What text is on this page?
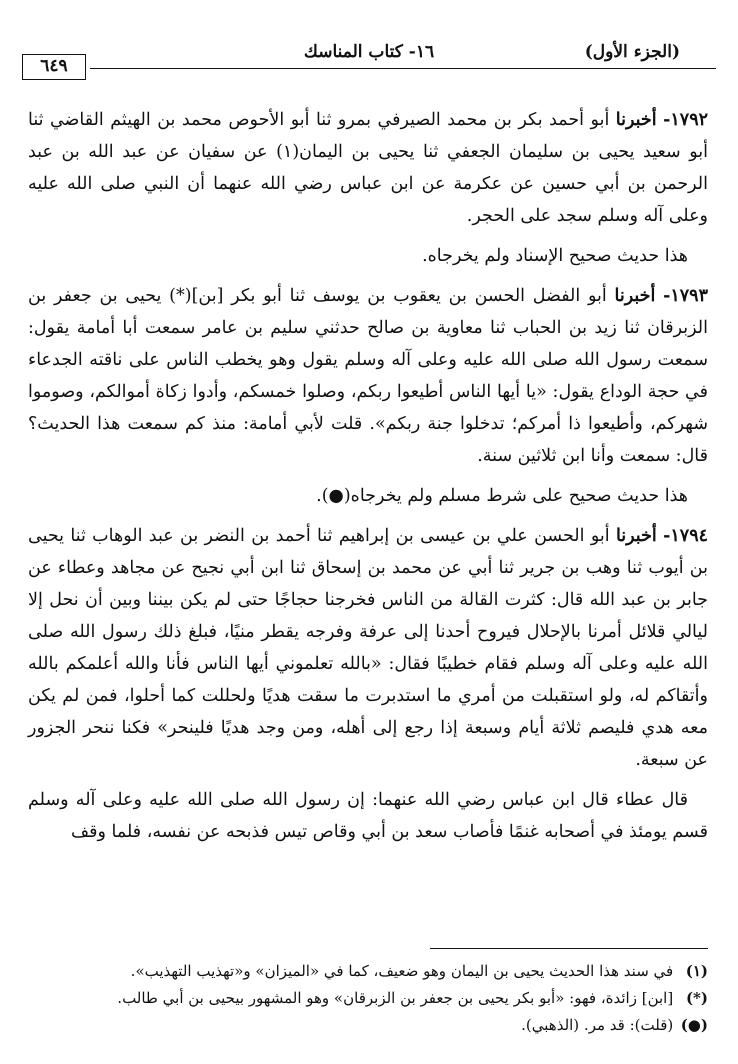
(الجزء الأول)
١٦- كتاب المناسك
٦٤٩

١٧٩٢- أخبرنا أبو أحمد بكر بن محمد الصيرفي بمرو ثنا أبو الأحوص محمد بن الهيثم القاضي ثنا أبو سعيد يحيى بن سليمان الجعفي ثنا يحيى بن اليمان(١) عن سفيان عن عبد الله بن عبد الرحمن بن أبي حسين عن عكرمة عن ابن عباس رضي الله عنهما أن النبي صلى الله عليه وعلى آله وسلم سجد على الحجر.

هذا حديث صحيح الإسناد ولم يخرجاه.

١٧٩٣- أخبرنا أبو الفضل الحسن بن يعقوب بن يوسف ثنا أبو بكر [بن](*) يحيى بن جعفر بن الزبرقان ثنا زيد بن الحباب ثنا معاوية بن صالح حدثني سليم بن عامر سمعت أبا أمامة يقول: سمعت رسول الله صلى الله عليه وعلى آله وسلم يقول وهو يخطب الناس على ناقته الجدعاء في حجة الوداع يقول: «يا أيها الناس أطيعوا ربكم، وصلوا خمسكم، وأدوا زكاة أموالكم، وصوموا شهركم، وأطيعوا ذا أمركم؛ تدخلوا جنة ربكم». قلت لأبي أمامة: منذ كم سمعت هذا الحديث؟ قال: سمعت وأنا ابن ثلاثين سنة.

هذا حديث صحيح على شرط مسلم ولم يخرجاه(●).

١٧٩٤- أخبرنا أبو الحسن علي بن عيسى بن إبراهيم ثنا أحمد بن النضر بن عبد الوهاب ثنا يحيى بن أيوب ثنا وهب بن جرير ثنا أبي عن محمد بن إسحاق ثنا ابن أبي نجيح عن مجاهد وعطاء عن جابر بن عبد الله قال: كثرت القالة من الناس فخرجنا حجاجًا حتى لم يكن بيننا وبين أن نحل إلا ليالي قلائل أمرنا بالإحلال فيروح أحدنا إلى عرفة وفرجه يقطر منيًا، فبلغ ذلك رسول الله صلى الله عليه وعلى آله وسلم فقام خطيبًا فقال: «بالله تعلموني أيها الناس فأنا والله أعلمكم بالله وأتقاكم له، ولو استقبلت من أمري ما استدبرت ما سقت هديًا ولحللت كما أحلوا، فمن لم يكن معه هدي فليصم ثلاثة أيام وسبعة إذا رجع إلى أهله، ومن وجد هديًا فلينحر» فكنا ننحر الجزور عن سبعة.

قال عطاء قال ابن عباس رضي الله عنهما: إن رسول الله صلى الله عليه وعلى آله وسلم قسم يومئذ في أصحابه غنمًا فأصاب سعد بن أبي وقاص تيس فذبحه عن نفسه، فلما وقف

(١) في سند هذا الحديث يحيى بن اليمان وهو ضعيف، كما في «الميزان» و«تهذيب التهذيب».
(*) [ابن] زائدة، فهو: «أبو بكر يحيى بن جعفر بن الزبرقان» وهو المشهور بيحيى بن أبي طالب.
(●) (قلت): قد مر. (الذهبي).
